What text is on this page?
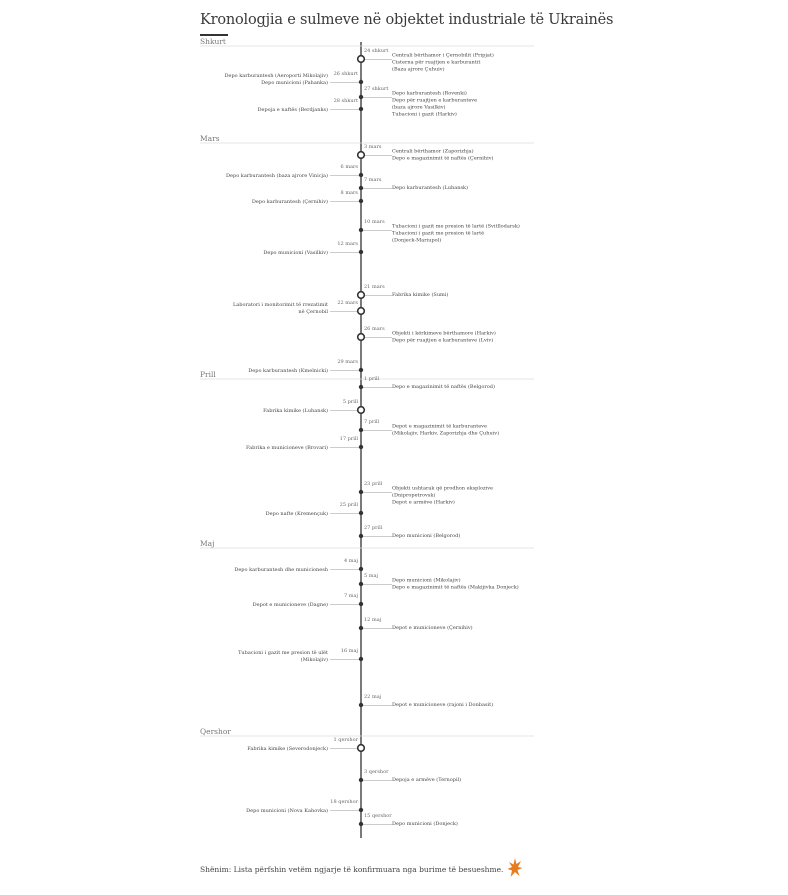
Kronologjia e sulmeve në objektet industriale të Ukrainës
Shkurt
Mars
Prill
Maj
Qershor
24 shkurt
Centrali bërthamor i Çernobilit (Pripjat)
Cisterna për ruajtjen e karburantit
(Baza ajrore Çuhuiv)
26 shkurt
Depo karburantesh (Aeroporti Mikolajiv)
Depo municioni (Pahanka)
27 shkurt
Depo karburantesh (Rovenki)
Depo për ruajtjen e karburanteve
(baza ajrore Vasilkiv)
Tubacioni i gazit (Harkiv)
28 shkurt
Depoja e naftës (Berdjanks)
3 mars
Centrali bërthamor (Zaporizhja)
Depo e magazinimit të naftës (Çernihiv)
6 mars
Depo karburantesh (baza ajrore Vinicja)
7 mars
Depo karburantesh (Luhansk)
8 mars
Depo karburantesh (Çernihiv)
10 mars
Tubacioni i gazit me presion të lartë (Svitllodarsk)
Tubacioni i gazit me presion të lartë
(Donjeck-Mariupol)
12 mars
Depo municioni (Vasilkiv)
21 mars
Fabrika kimike (Sumi)
22 mars
Laboratori i monitorimit të rrezatimit
në Çernobil
26 mars
Objekti i kërkimeve bërthamore (Harkiv)
Depo për ruajtjen e karburanteve (Lviv)
29 mars
Depo karburantesh (Kmelnicki)
1 prill
Depo e magazinimit të naftës (Belgorod)
5 prill
Fabrika kimike (Luhansk)
7 prill
Depot e magazinimit të karburanteve
(Mikolajiv, Harkiv, Zaporizhja dhe Çuhuiv)
17 prill
Fabrika e municioneve (Brovari)
23 prill
Objekti ushtarak që prodhon eksplozive
(Dnipropetrovsk)
Depot e armëve (Harkiv)
25 prill
Depo nafte (Kremençuk)
27 prill
Depo municioni (Belgorod)
4 maj
Depo karburantesh dhe municionesh
5 maj
Depo municioni (Mikolajiv)
Depo e magazinimit të naftës (Makijivka Donjeck)
7 maj
Depot e municioneve (Dagne)
12 maj
Depot e municioneve (Çernihiv)
16 maj
Tubacioni i gazit me presion të ulët
(Mikolajiv)
22 maj
Depot e municioneve (rajoni i Donbasit)
1 qershor
Fabrika kimike (Severodonjeck)
3 qershor
Depoja e armëve (Ternopil)
18 qershor
Depo municioni (Nova Kahovka)
15 qershor
Depo municioni (Donjeck)
Shënim: Lista përfshin vetëm ngjarje të konfirmuara nga burime të besueshme.
